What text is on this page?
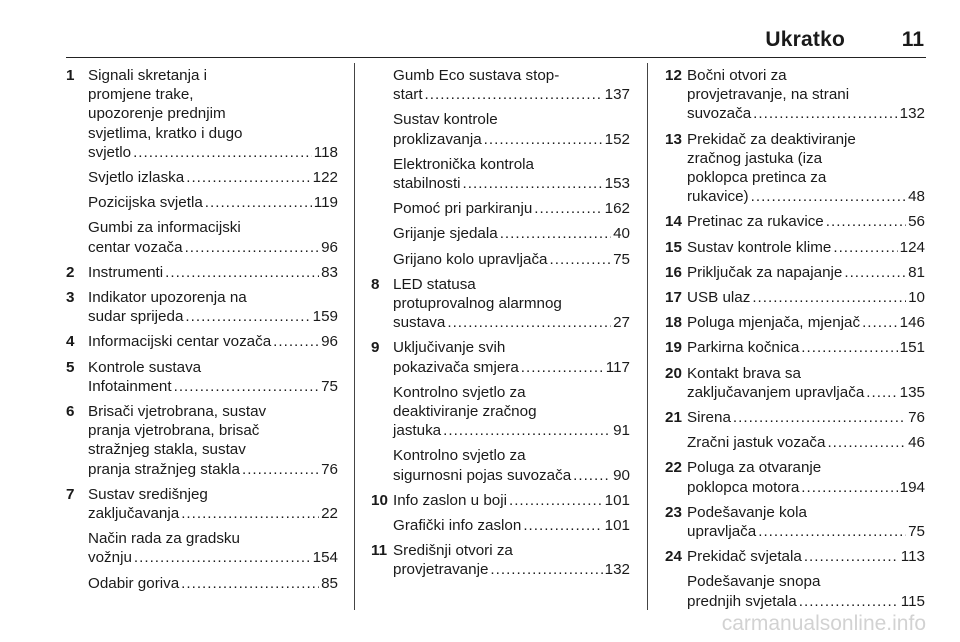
Ukratko	11
1 Signali skretanja i
promjene trake,
upozorenje prednjim
svjetlima, kratko i dugo
svjetlo .....	118
Svjetlo izlaska .....	122
Pozicijska svjetla .....	119
Gumbi za informacijski
centar vozača .....	96
2 Instrumenti .....	83
3 Indikator upozorenja na
sudar sprijeda .....	159
4 Informacijski centar vozača .....	96
5 Kontrole sustava
Infotainment .....	75
6 Brisači vjetrobrana, sustav
pranja vjetrobrana, brisač
stražnjeg stakla, sustav
pranja stražnjeg stakla .....	76
7 Sustav središnjeg
zaključavanja .....	22
Način rada za gradsku
vožnju .....	154
Odabir goriva .....	85
Gumb Eco sustava stop-
start .....	137
Sustav kontrole
proklizavanja .....	152
Elektronička kontrola
stabilnosti .....	153
Pomoć pri parkiranju .....	162
Grijanje sjedala .....	40
Grijano kolo upravljača .....	75
8 LED statusa
protuprovalnog alarmnog
sustava .....	27
9 Uključivanje svih
pokazivača smjera .....	117
Kontrolno svjetlo za
deaktiviranje zračnog
jastuka .....	91
Kontrolno svjetlo za
sigurnosni pojas suvozača .....	90
10 Info zaslon u boji .....	101
Grafički info zaslon .....	101
11 Središnji otvori za
provjetravanje .....	132
12 Bočni otvori za
provjetravanje, na strani
suvozača .....	132
13 Prekidač za deaktiviranje
zračnog jastuka (iza
poklopca pretinca za
rukavice) .....	48
14 Pretinac za rukavice .....	56
15 Sustav kontrole klime .....	124
16 Priključak za napajanje .....	81
17 USB ulaz .....	10
18 Poluga mjenjača, mjenjač .....	146
19 Parkirna kočnica .....	151
20 Kontakt brava sa
zaključavanjem upravljača ..... 135
21 Sirena .....	76
Zračni jastuk vozača .....	46
22 Poluga za otvaranje
poklopca motora .....	194
23 Podešavanje kola
upravljača .....	75
24 Prekidač svjetala .....	113
Podešavanje snopa
prednjih svjetala .....	115
carmanualsonline.info
